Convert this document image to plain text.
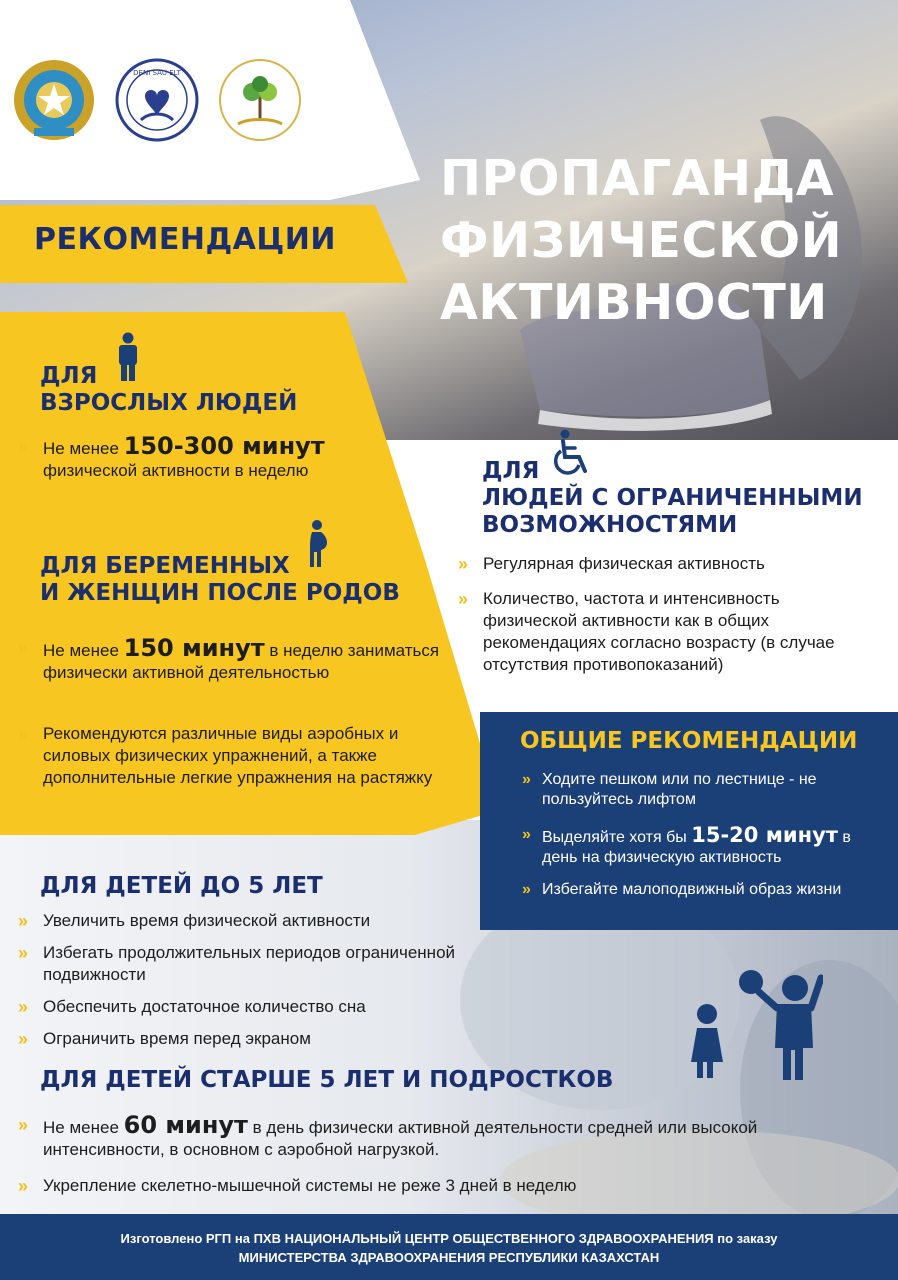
DENI SAU ELT
ПРОПАГАНДА
ФИЗИЧЕСКОЙ
АКТИВНОСТИ
РЕКОМЕНДАЦИИ
ДЛЯ
ВЗРОСЛЫХ ЛЮДЕЙ
» Не менее 150-300 минут физической активности в неделю
ДЛЯ БЕРЕМЕННЫХ
И ЖЕНЩИН ПОСЛЕ РОДОВ
» Не менее 150 минут в неделю заниматься физически активной деятельностью
» Рекомендуются различные виды аэробных и силовых физических упражнений, а также дополнительные легкие упражнения на растяжку
ДЛЯ
ЛЮДЕЙ С ОГРАНИЧЕННЫМИ
ВОЗМОЖНОСТЯМИ
» Регулярная физическая активность
» Количество, частота и интенсивность физической активности как в общих рекомендациях согласно возрасту (в случае отсутствия противопоказаний)
ОБЩИЕ РЕКОМЕНДАЦИИ
» Ходите пешком или по лестнице - не пользуйтесь лифтом
» Выделяйте хотя бы 15-20 минут в день на физическую активность
» Избегайте малоподвижный образ жизни
ДЛЯ ДЕТЕЙ ДО 5 ЛЕТ
» Увеличить время физической активности
» Избегать продолжительных периодов ограниченной подвижности
» Обеспечить достаточное количество сна
» Ограничить время перед экраном
ДЛЯ ДЕТЕЙ СТАРШЕ 5 ЛЕТ И ПОДРОСТКОВ
» Не менее 60 минут в день физически активной деятельности средней или высокой интенсивности, в основном с аэробной нагрузкой.
» Укрепление скелетно-мышечной системы не реже 3 дней в неделю
Изготовлено РГП на ПХВ НАЦИОНАЛЬНЫЙ ЦЕНТР ОБЩЕСТВЕННОГО ЗДРАВООХРАНЕНИЯ по заказу
МИНИСТЕРСТВА ЗДРАВООХРАНЕНИЯ РЕСПУБЛИКИ КАЗАХСТАН
